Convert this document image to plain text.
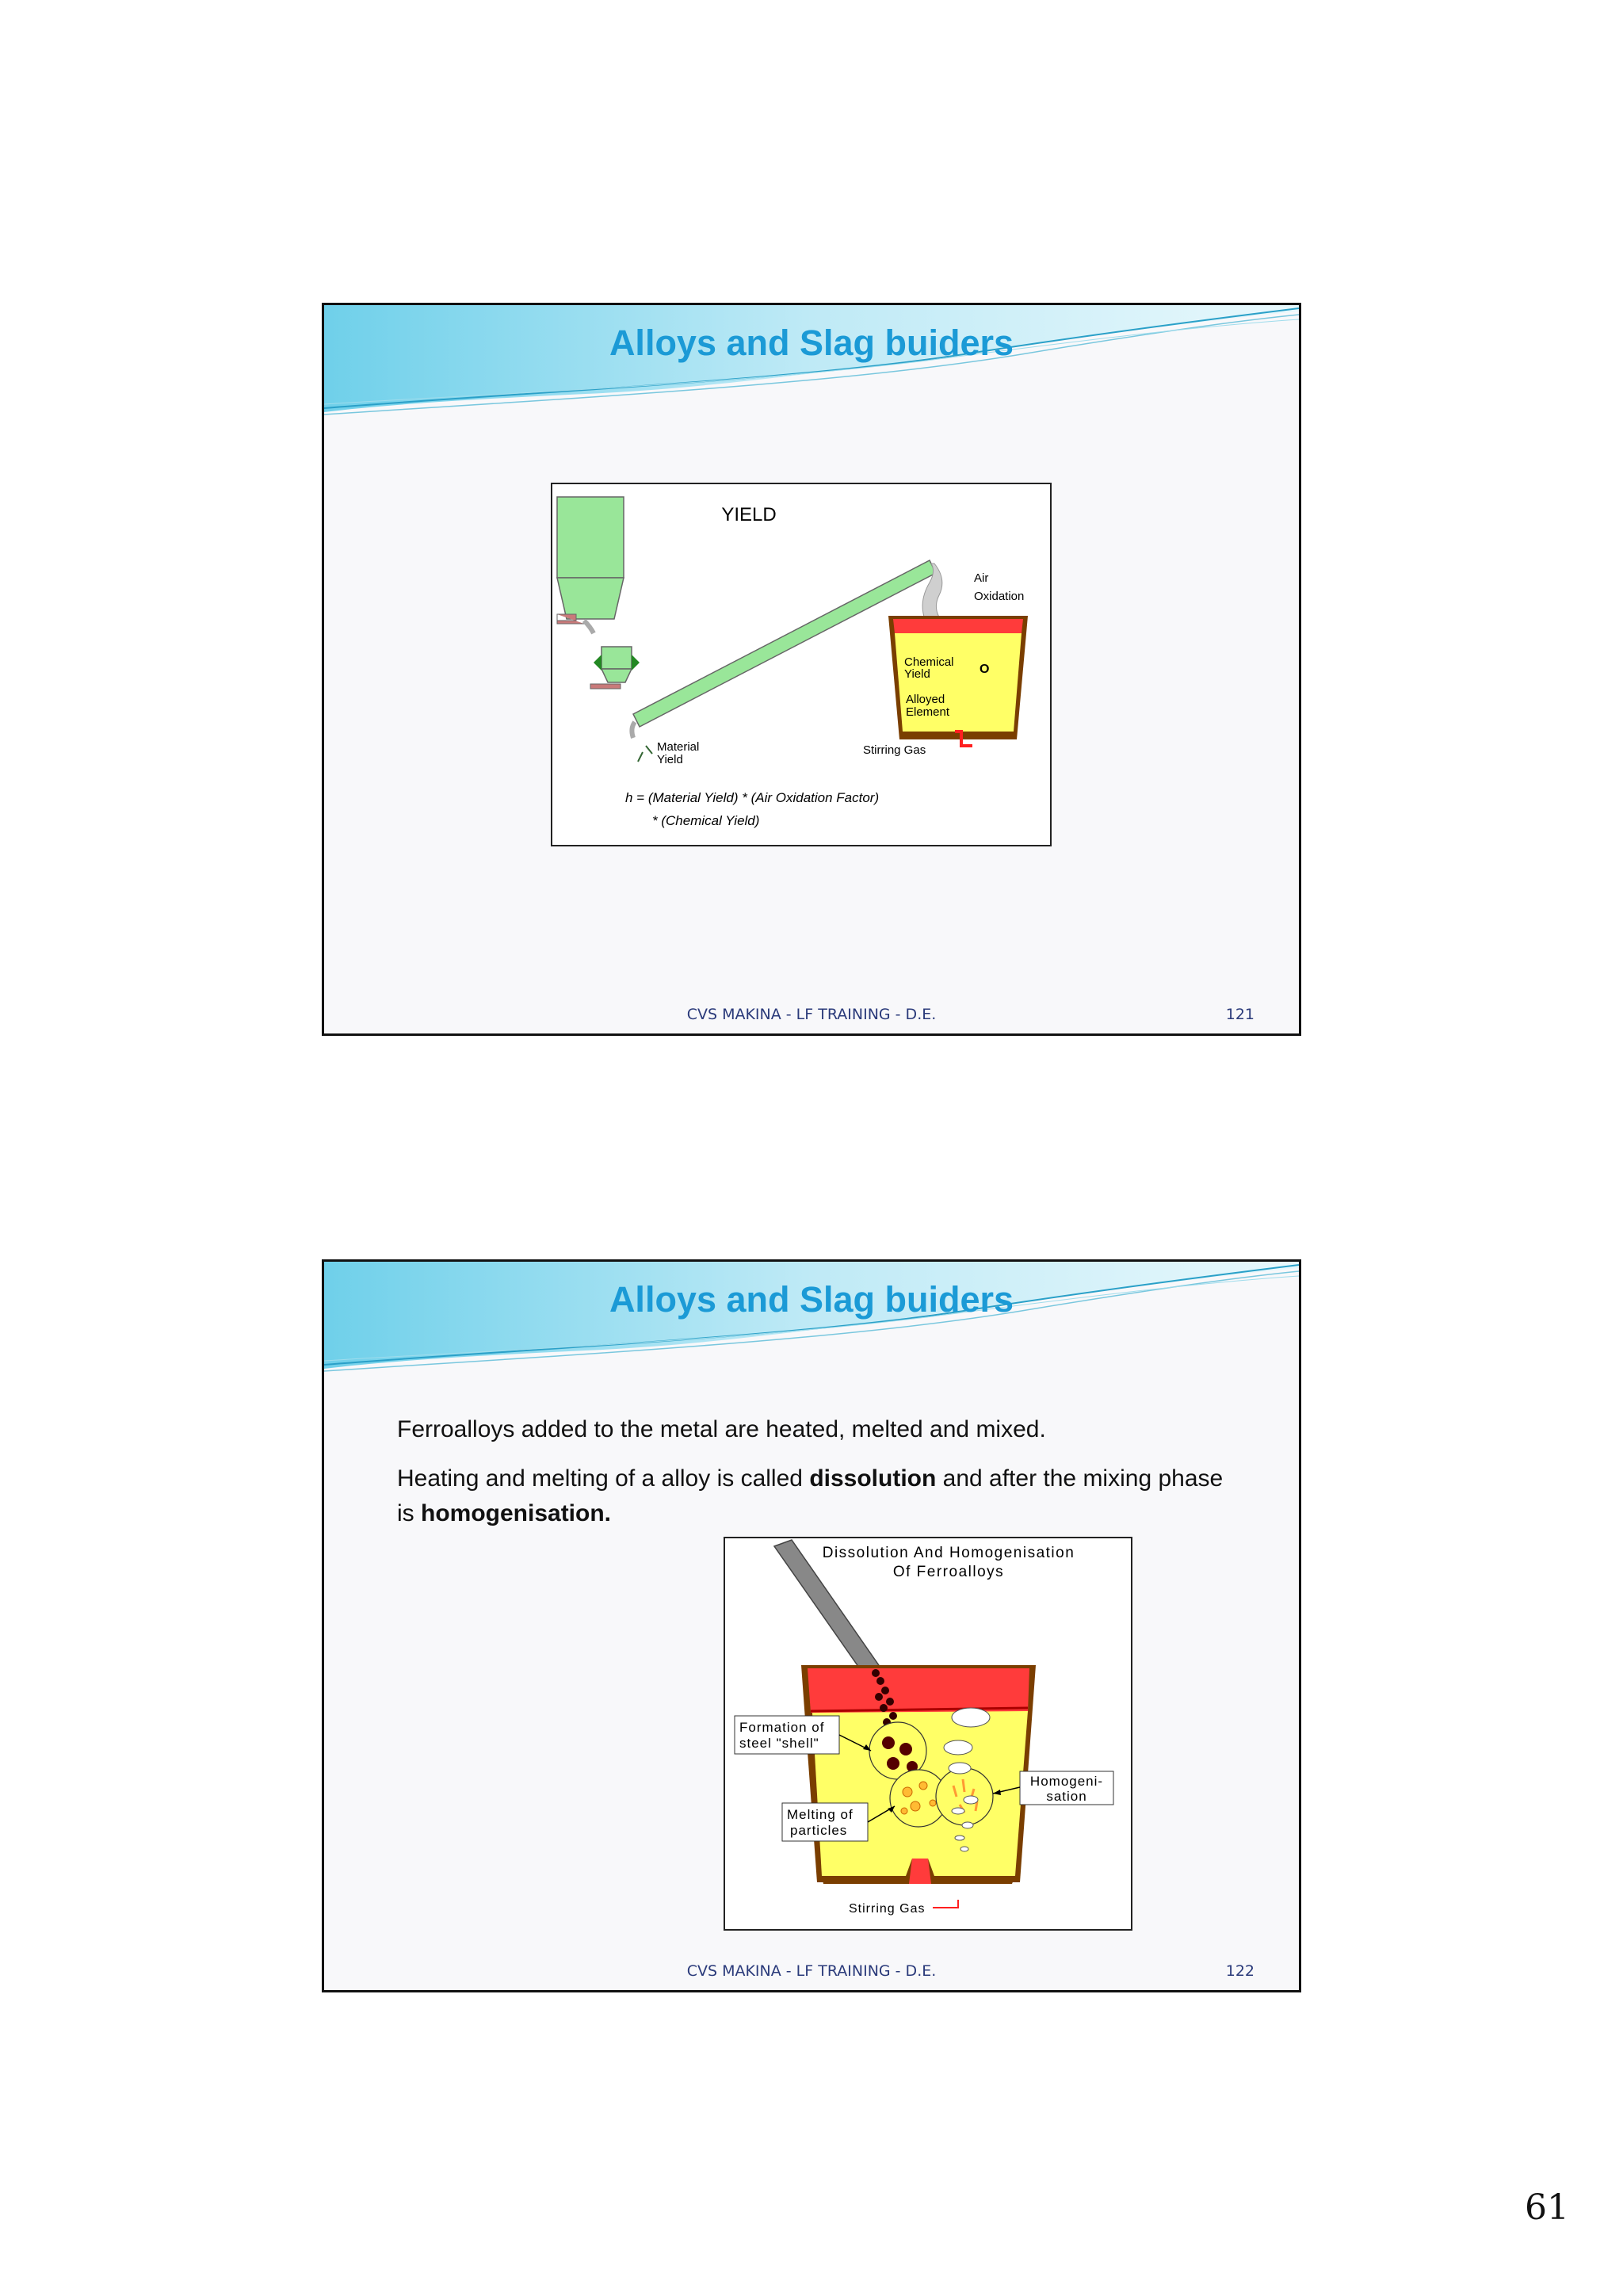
Alloys and Slag buiders
YIELD
Air
Oxidation
Chemical
Yield	O
Alloyed
Element
Material
Yield
Stirring Gas
h = (Material Yield) * (Air Oxidation Factor)
* (Chemical Yield)
CVS MAKINA - LF TRAINING - D.E.	121
Alloys and Slag buiders
Ferroalloys added to the metal are heated, melted and mixed.
Heating and melting of a alloy is called dissolution and after the mixing phase is homogenisation.
Dissolution And Homogenisation
Of Ferroalloys
Formation of
steel "shell"
Melting of
particles
Homogeni-
sation
Stirring Gas
CVS MAKINA - LF TRAINING - D.E.	122
61
